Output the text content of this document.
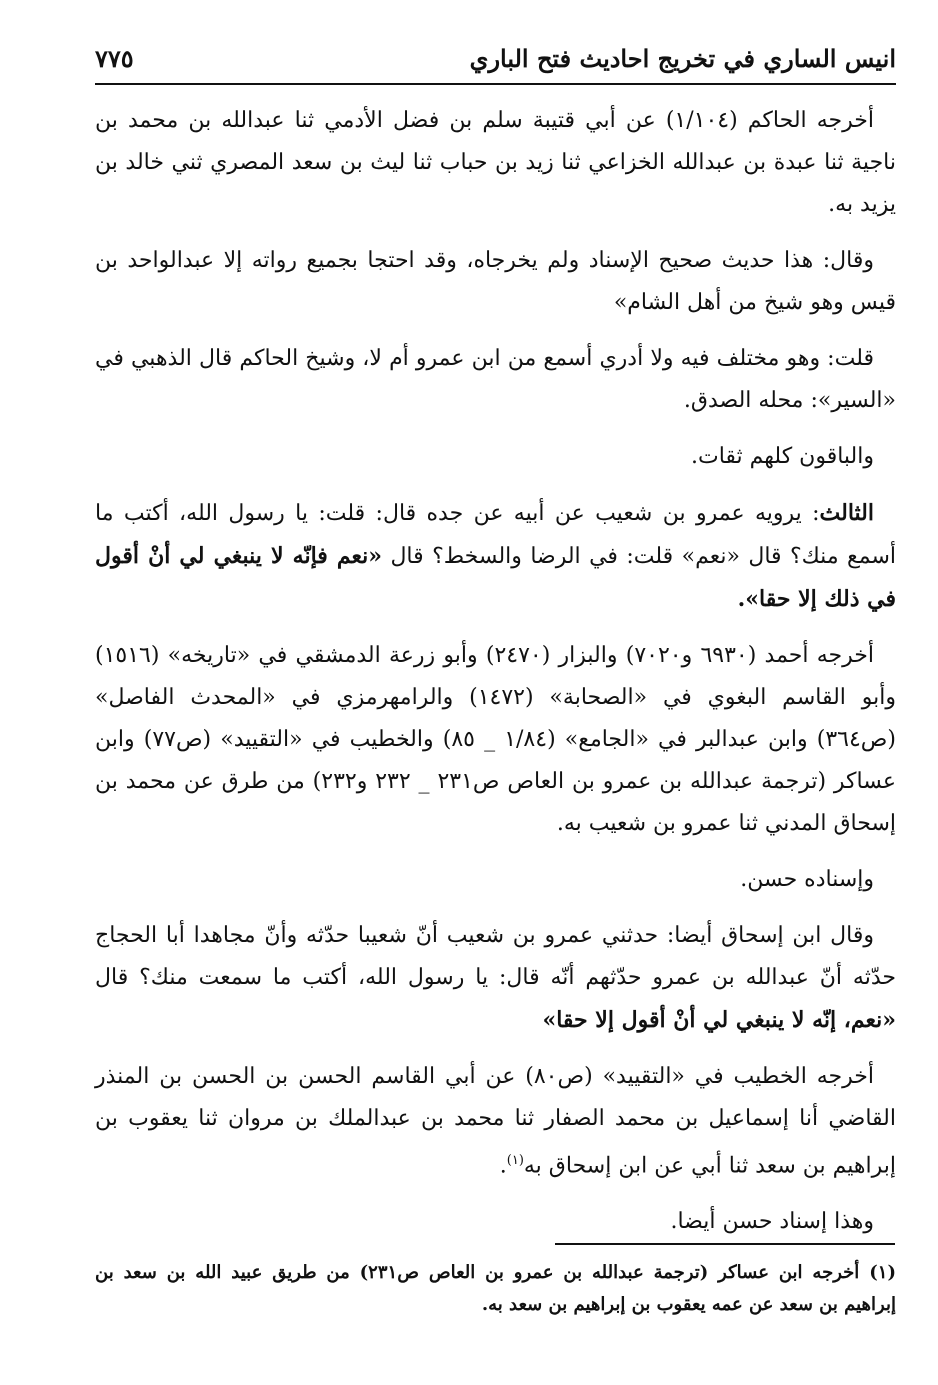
انيس الساري في تخريج احاديث فتح الباري
٧٧٥

أخرجه الحاكم (١/١٠٤) عن أبي قتيبة سلم بن فضل الأدمي ثنا عبدالله بن محمد بن ناجية ثنا عبدة بن عبدالله الخزاعي ثنا زيد بن حباب ثنا ليث بن سعد المصري ثني خالد بن يزيد به.

وقال: هذا حديث صحيح الإسناد ولم يخرجاه، وقد احتجا بجميع رواته إلا عبدالواحد بن قيس وهو شيخ من أهل الشام»

قلت: وهو مختلف فيه ولا أدري أسمع من ابن عمرو أم لا، وشيخ الحاكم قال الذهبي في «السير»: محله الصدق.

والباقون كلهم ثقات.

الثالث: يرويه عمرو بن شعيب عن أبيه عن جده قال: قلت: يا رسول الله، أكتب ما أسمع منك؟ قال «نعم» قلت: في الرضا والسخط؟ قال «نعم فإنّه لا ينبغي لي أنْ أقول في ذلك إلا حقا».

أخرجه أحمد (٦٩٣٠ و٧٠٢٠) والبزار (٢٤٧٠) وأبو زرعة الدمشقي في «تاريخه» (١٥١٦) وأبو القاسم البغوي في «الصحابة» (١٤٧٢) والرامهرمزي في «المحدث الفاصل» (ص٣٦٤) وابن عبدالبر في «الجامع» (١/٨٤ _ ٨٥) والخطيب في «التقييد» (ص٧٧) وابن عساكر (ترجمة عبدالله بن عمرو بن العاص ص٢٣١ _ ٢٣٢ و٢٣٢) من طرق عن محمد بن إسحاق المدني ثنا عمرو بن شعيب به.

وإسناده حسن.

وقال ابن إسحاق أيضا: حدثني عمرو بن شعيب أنّ شعيبا حدّثه وأنّ مجاهدا أبا الحجاج حدّثه أنّ عبدالله بن عمرو حدّثهم أنّه قال: يا رسول الله، أكتب ما سمعت منك؟ قال «نعم، إنّه لا ينبغي لي أنْ أقول إلا حقا»

أخرجه الخطيب في «التقييد» (ص٨٠) عن أبي القاسم الحسن بن الحسن بن المنذر القاضي أنا إسماعيل بن محمد الصفار ثنا محمد بن عبدالملك بن مروان ثنا يعقوب بن إبراهيم بن سعد ثنا أبي عن ابن إسحاق به$^{(١)}$.

وهذا إسناد حسن أيضا.

(١)أخرجه ابن عساكر (ترجمة عبدالله بن عمرو بن العاص ص٢٣١) من طريق عبيد الله بن سعد بن إبراهيم بن سعد عن عمه يعقوب بن إبراهيم بن سعد به.
